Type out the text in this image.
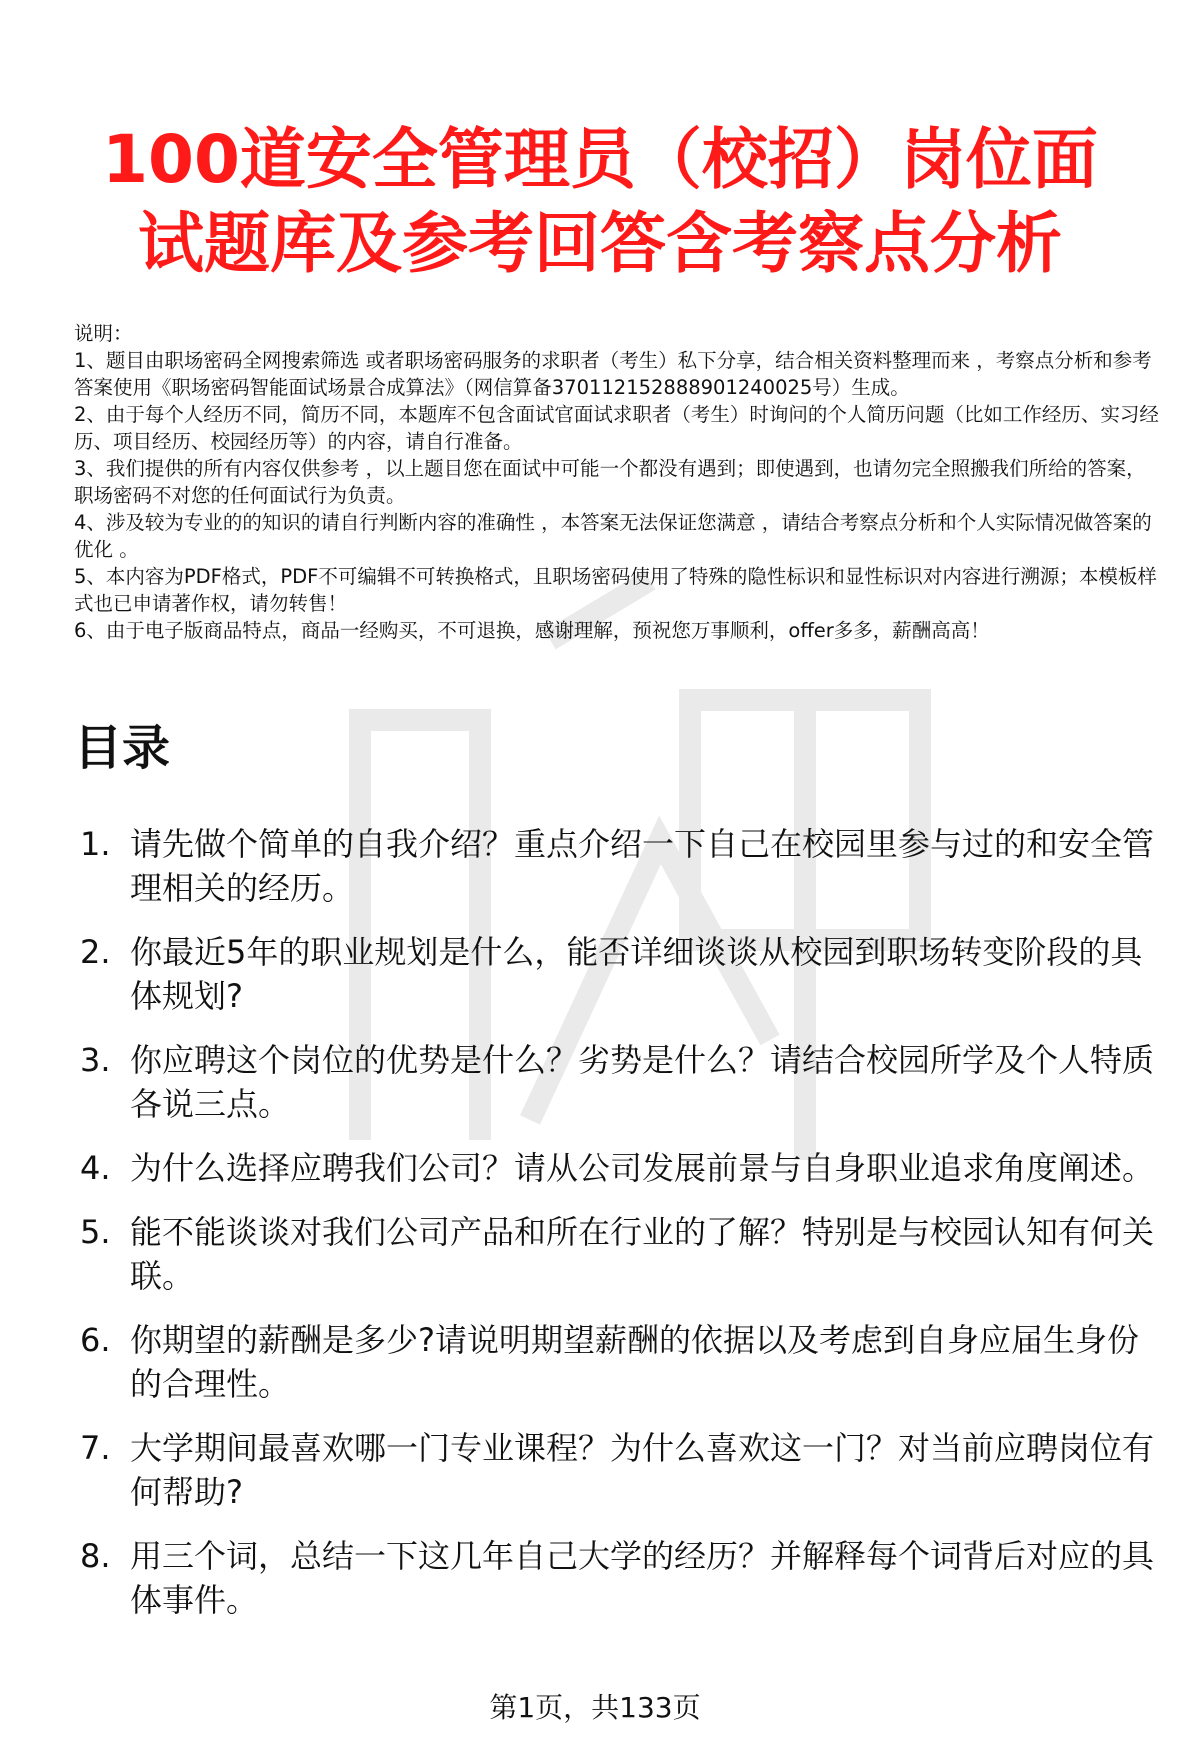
100道安全管理员（校招）岗位面试题库及参考回答含考察点分析

说明：

1、题目由职场密码全网搜索筛选 或者职场密码服务的求职者（考生）私下分享，结合相关资料整理而来 ，考察点分析和参考答案使用《职场密码智能面试场景合成算法》（网信算备370112152888901240025号）生成。

2、由于每个人经历不同，简历不同，本题库不包含面试官面试求职者（考生）时询问的个人简历问题（比如工作经历、实习经历、项目经历、校园经历等）的内容，请自行准备。

3、我们提供的所有内容仅供参考 ，以上题目您在面试中可能一个都没有遇到；即使遇到，也请勿完全照搬我们所给的答案，职场密码不对您的任何面试行为负责。

4、涉及较为专业的的知识的请自行判断内容的准确性 ，本答案无法保证您满意 ，请结合考察点分析和个人实际情况做答案的优化 。

5、本内容为PDF格式，PDF不可编辑不可转换格式，且职场密码使用了特殊的隐性标识和显性标识对内容进行溯源；本模板样式也已申请著作权，请勿转售！

6、由于电子版商品特点，商品一经购买，不可退换，感谢理解，预祝您万事顺利，offer多多，薪酬高高！

目录
1. 请先做个简单的自我介绍？重点介绍一下自己在校园里参与过的和安全管理相关的经历。
2. 你最近5年的职业规划是什么，能否详细谈谈从校园到职场转变阶段的具体规划?
3. 你应聘这个岗位的优势是什么？劣势是什么？请结合校园所学及个人特质各说三点。
4. 为什么选择应聘我们公司？请从公司发展前景与自身职业追求角度阐述。
5. 能不能谈谈对我们公司产品和所在行业的了解？特别是与校园认知有何关联。
6. 你期望的薪酬是多少?请说明期望薪酬的依据以及考虑到自身应届生身份的合理性。
7. 大学期间最喜欢哪一门专业课程？为什么喜欢这一门？对当前应聘岗位有何帮助?
8. 用三个词，总结一下这几年自己大学的经历？并解释每个词背后对应的具体事件。
第1页，共133页
